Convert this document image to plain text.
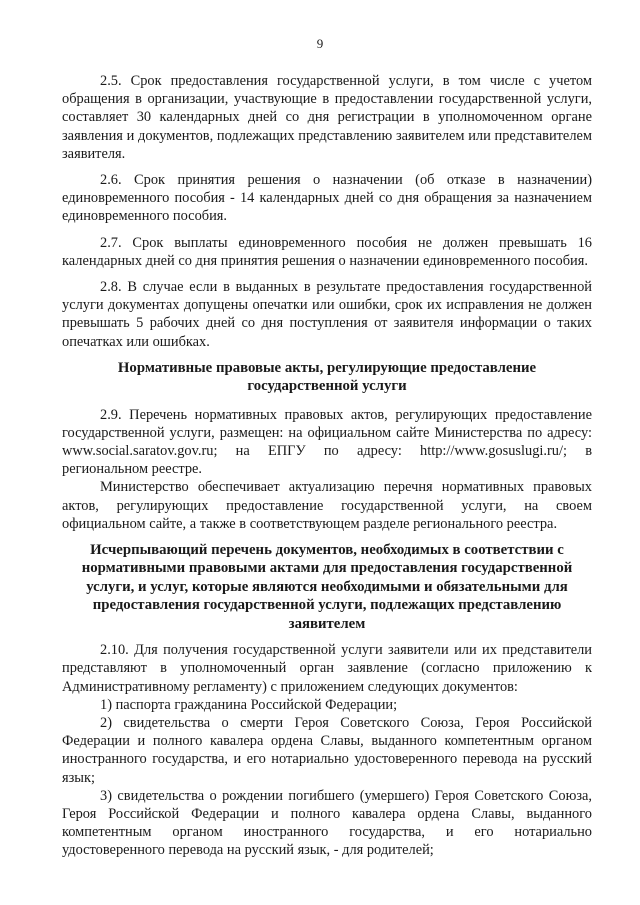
9

2.5. Срок предоставления государственной услуги, в том числе с учетом обращения в организации, участвующие в предоставлении государственной услуги, составляет 30 календарных дней со дня регистрации в уполномоченном органе заявления и документов, подлежащих представлению заявителем или представителем заявителя.

2.6. Срок принятия решения о назначении (об отказе в назначении) единовременного пособия - 14 календарных дней со дня обращения за назначением единовременного пособия.

2.7. Срок выплаты единовременного пособия не должен превышать 16 календарных дней со дня принятия решения о назначении единовременного пособия.

2.8. В случае если в выданных в результате предоставления государственной услуги документах допущены опечатки или ошибки, срок их исправления не должен превышать 5 рабочих дней со дня поступления от заявителя информации о таких опечатках или ошибках.

Нормативные правовые акты, регулирующие предоставление государственной услуги

2.9. Перечень нормативных правовых актов, регулирующих предоставление государственной услуги, размещен: на официальном сайте Министерства по адресу: www.social.saratov.gov.ru; на ЕПГУ по адресу: http://www.gosuslugi.ru/; в региональном реестре.

Министерство обеспечивает актуализацию перечня нормативных правовых актов, регулирующих предоставление государственной услуги, на своем официальном сайте, а также в соответствующем разделе регионального реестра.

Исчерпывающий перечень документов, необходимых в соответствии с нормативными правовыми актами для предоставления государственной услуги, и услуг, которые являются необходимыми и обязательными для предоставления государственной услуги, подлежащих представлению заявителем

2.10. Для получения государственной услуги заявители или их представители представляют в уполномоченный орган заявление (согласно приложению к Административному регламенту) с приложением следующих документов:

1) паспорта гражданина Российской Федерации;

2) свидетельства о смерти Героя Советского Союза, Героя Российской Федерации и полного кавалера ордена Славы, выданного компетентным органом иностранного государства, и его нотариально удостоверенного перевода на русский язык;

3) свидетельства о рождении погибшего (умершего) Героя Советского Союза, Героя Российской Федерации и полного кавалера ордена Славы, выданного компетентным органом иностранного государства, и его нотариально удостоверенного перевода на русский язык, - для родителей;
